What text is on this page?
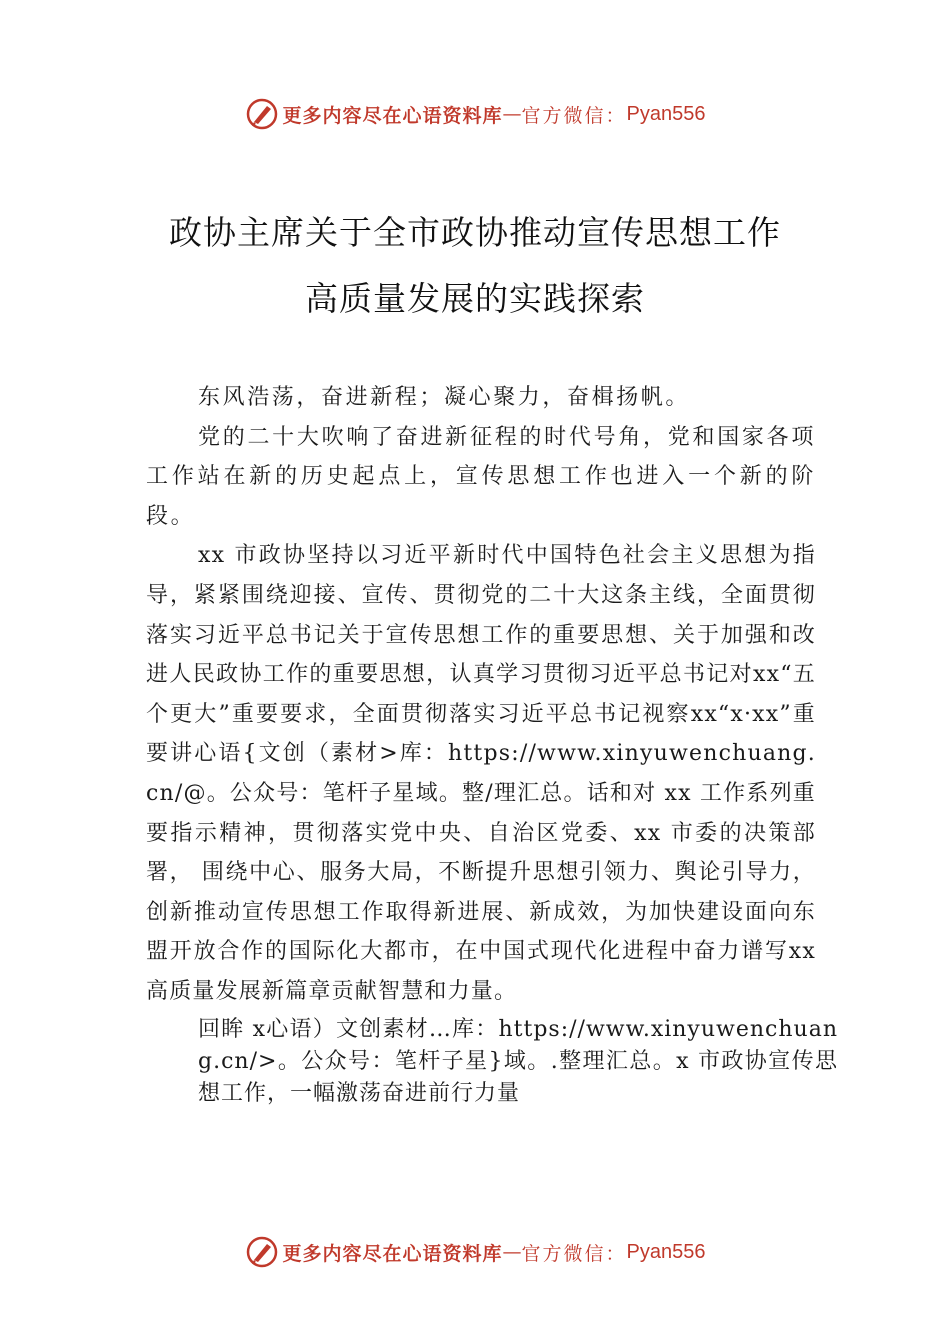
更多内容尽在心语资料库 — 官方微信： Pyan556
政协主席关于全市政协推动宣传思想工作
高质量发展的实践探索

东风浩荡，奋进新程；凝心聚力，奋楫扬帆。

党的二十大吹响了奋进新征程的时代号角，党和国家各项工作站在新的历史起点上，宣传思想工作也进入一个新的阶段。

xx 市政协坚持以习近平新时代中国特色社会主义思想为指导，紧紧围绕迎接、宣传、贯彻党的二十大这条主线，全面贯彻落实习近平总书记关于宣传思想工作的重要思想、关于加强和改进人民政协工作的重要思想，认真学习贯彻习近平总书记对xx“五个更大”重要要求，全面贯彻落实习近平总书记视察xx“x·xx”重要讲心语{文创（素材>库：https://www.xinyuwenchuang.cn/@。公众号：笔杆子星域。整/理汇总。话和对 xx 工作系列重要指示精神，贯彻落实党中央、自治区党委、xx 市委的决策部署， 围绕中心、服务大局，不断提升思想引领力、舆论引导力， 创新推动宣传思想工作取得新进展、新成效，为加快建设面向东盟开放合作的国际化大都市，在中国式现代化进程中奋力谱写xx高质量发展新篇章贡献智慧和力量。

回眸 x心语）文创素材…库：https://www.xinyuwenchuang.cn/>。公众号：笔杆子星}域。.整理汇总。x 市政协宣传思想工作，一幅激荡奋进前行力量

更多内容尽在心语资料库 — 官方微信： Pyan556
